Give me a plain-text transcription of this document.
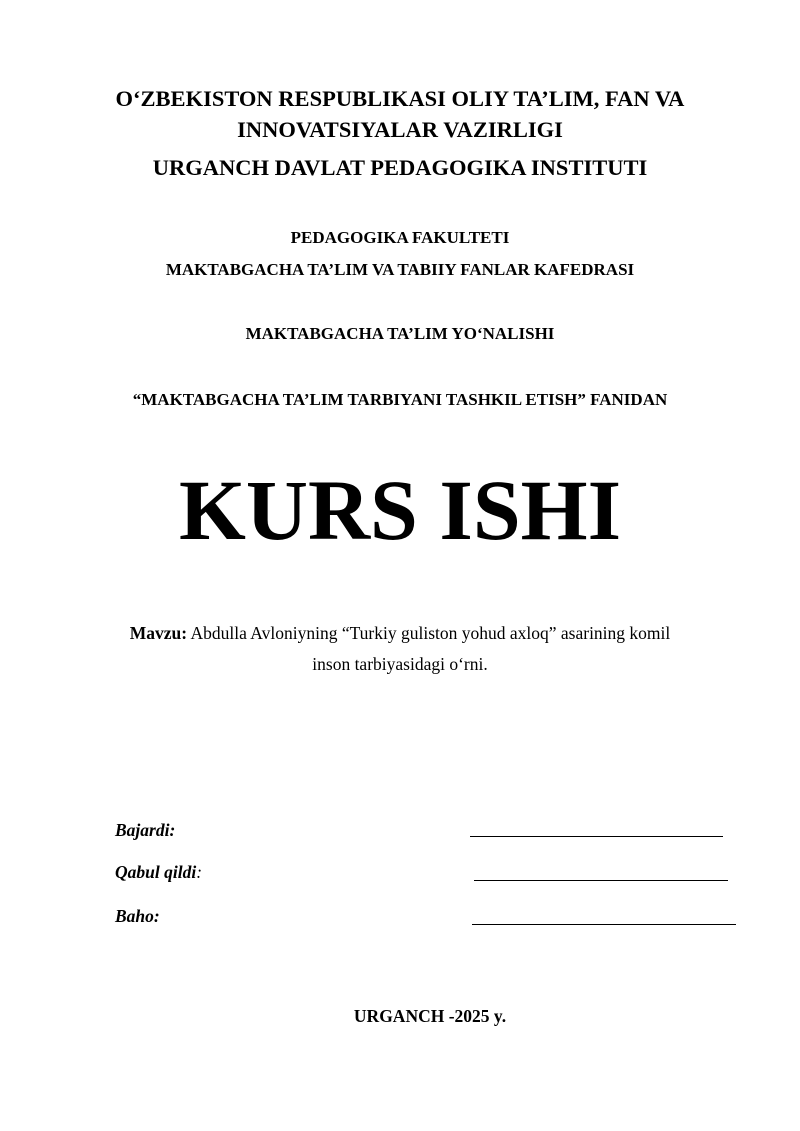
O‘ZBEKISTON RESPUBLIKASI OLIY TA’LIM, FAN VA
INNOVATSIYALAR VAZIRLIGI
URGANCH DAVLAT PEDAGOGIKA INSTITUTI
PEDAGOGIKA FAKULTETI
MAKTABGACHA TA’LIM VA TABIIY FANLAR KAFEDRASI
MAKTABGACHA TA’LIM YO‘NALISHI
“MAKTABGACHA TA’LIM TARBIYANI TASHKIL ETISH” FANIDAN
KURS ISHI
Mavzu: Abdulla Avloniyning “Turkiy guliston yohud axloq” asarining komil
inson tarbiyasidagi o‘rni.
Bajardi:
Qabul qildi:
Baho:
URGANCH -2025 y.
